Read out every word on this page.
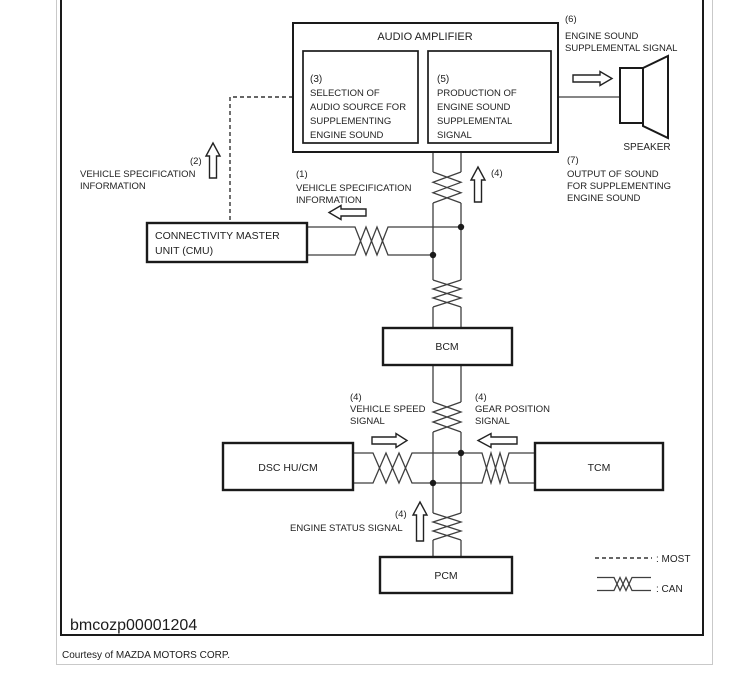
AUDIO AMPLIFIER
(3)
SELECTION OF
AUDIO SOURCE FOR
SUPPLEMENTING
ENGINE SOUND
(5)
PRODUCTION OF
ENGINE SOUND
SUPPLEMENTAL
SIGNAL
SPEAKER
(6)
ENGINE SOUND
SUPPLEMENTAL SIGNAL
(7)
OUTPUT OF SOUND
FOR SUPPLEMENTING
ENGINE SOUND
(2)
VEHICLE SPECIFICATION
INFORMATION
(1)
VEHICLE SPECIFICATION
INFORMATION
(4)
CONNECTIVITY MASTER
UNIT (CMU)
BCM
(4)
VEHICLE SPEED
SIGNAL
(4)
GEAR POSITION
SIGNAL
DSC HU/CM	TCM
(4)
ENGINE STATUS SIGNAL
PCM
: MOST
: CAN
bmcozp00001204
Courtesy of MAZDA MOTORS CORP.
